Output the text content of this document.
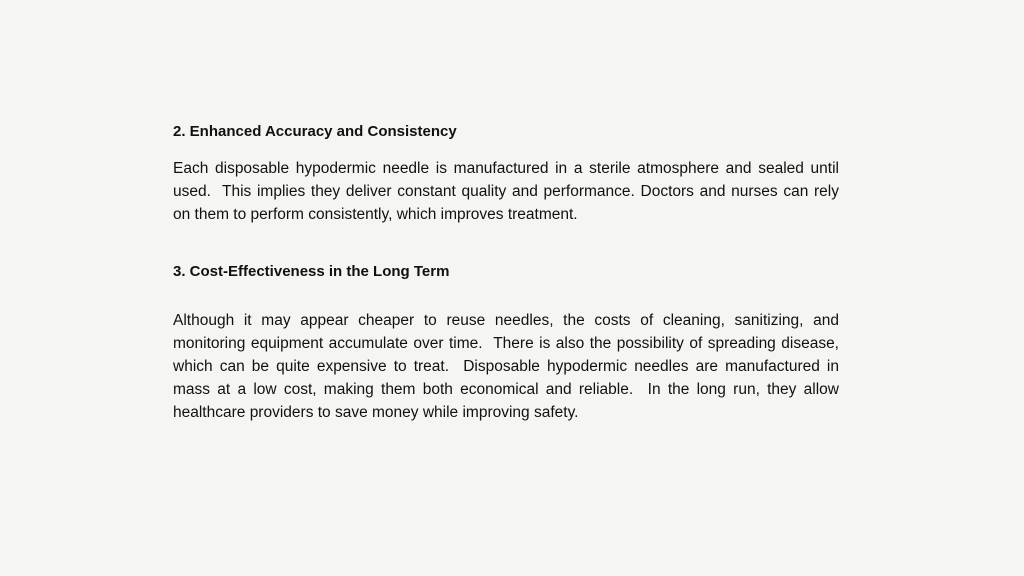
2. Enhanced Accuracy and Consistency

Each disposable hypodermic needle is manufactured in a sterile atmosphere and sealed until used.  This implies they deliver constant quality and performance. Doctors and nurses can rely on them to perform consistently, which improves treatment.

3. Cost-Effectiveness in the Long Term

Although it may appear cheaper to reuse needles, the costs of cleaning, sanitizing, and monitoring equipment accumulate over time.  There is also the possibility of spreading disease, which can be quite expensive to treat.  Disposable hypodermic needles are manufactured in mass at a low cost, making them both economical and reliable.  In the long run, they allow healthcare providers to save money while improving safety.
